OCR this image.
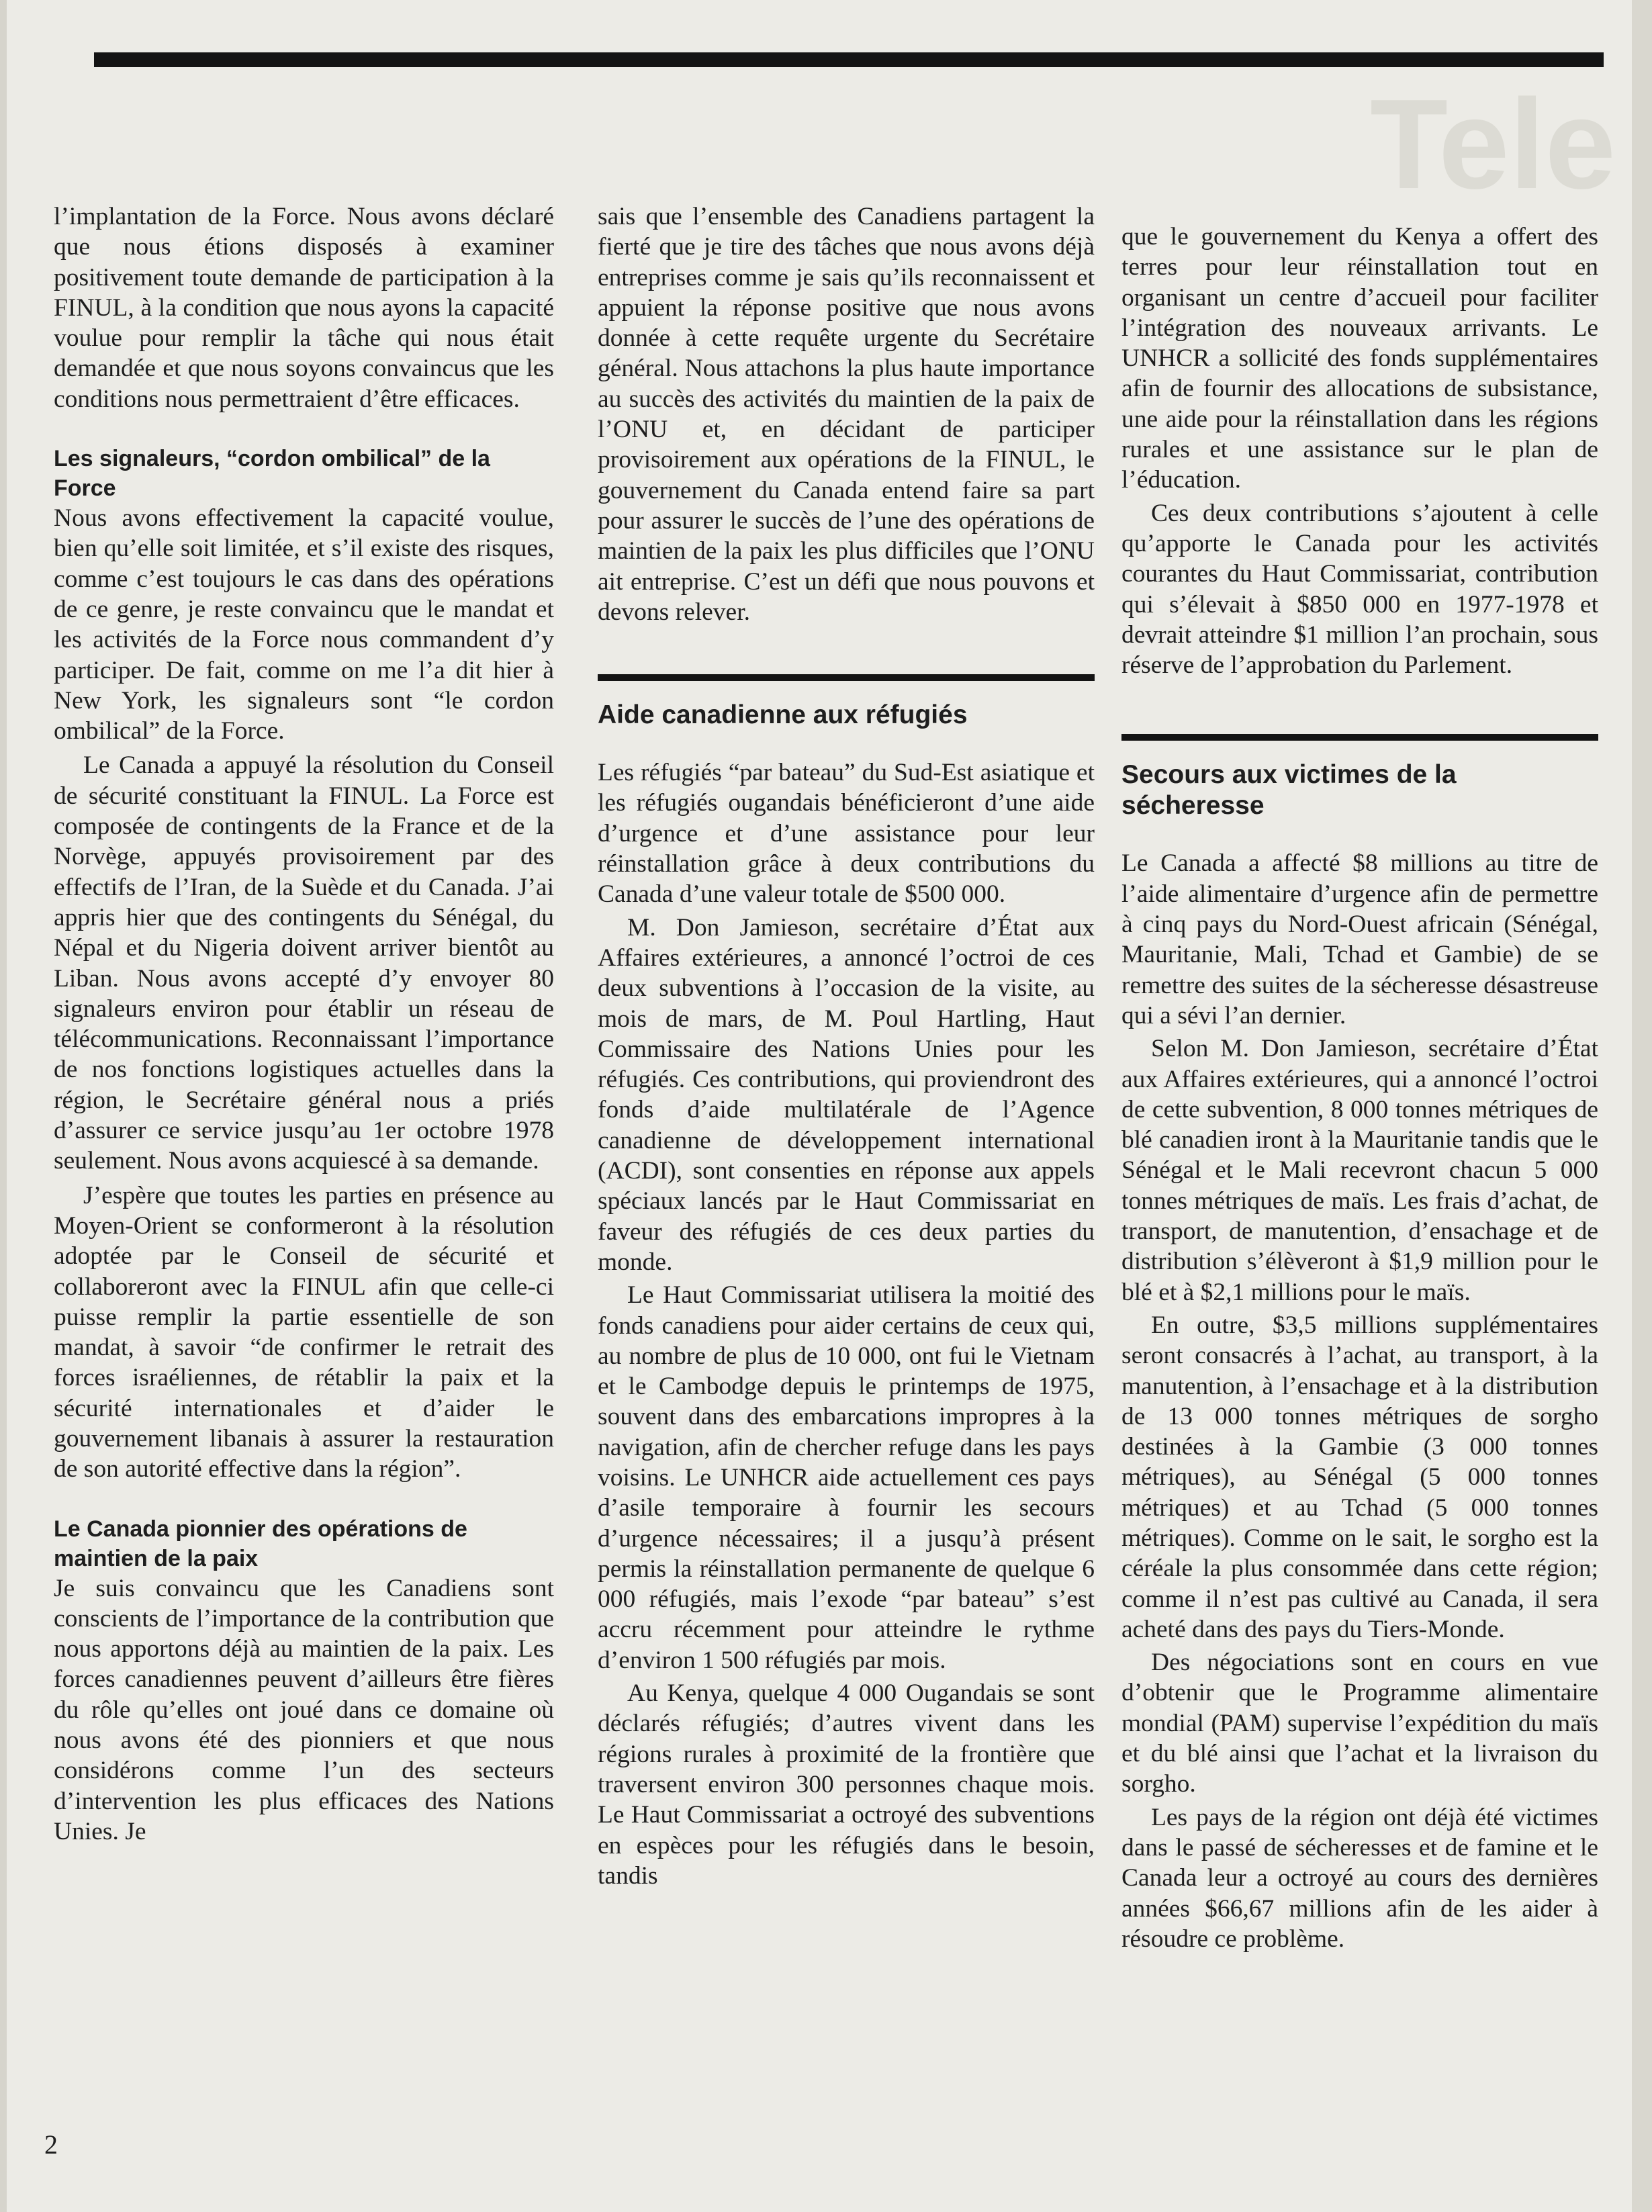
Tele

l’implantation de la Force. Nous avons déclaré que nous étions disposés à examiner positivement toute demande de participation à la FINUL, à la condition que nous ayons la capacité voulue pour remplir la tâche qui nous était demandée et que nous soyons convaincus que les conditions nous permettraient d’être efficaces.

Les signaleurs, “cordon ombilical” de la Force

Nous avons effectivement la capacité voulue, bien qu’elle soit limitée, et s’il existe des risques, comme c’est toujours le cas dans des opérations de ce genre, je reste convaincu que le mandat et les activités de la Force nous commandent d’y participer. De fait, comme on me l’a dit hier à New York, les signaleurs sont “le cordon ombilical” de la Force.

Le Canada a appuyé la résolution du Conseil de sécurité constituant la FINUL. La Force est composée de contingents de la France et de la Norvège, appuyés provisoirement par des effectifs de l’Iran, de la Suède et du Canada. J’ai appris hier que des contingents du Sénégal, du Népal et du Nigeria doivent arriver bientôt au Liban. Nous avons accepté d’y envoyer 80 signaleurs environ pour établir un réseau de télécommunications. Reconnaissant l’importance de nos fonctions logistiques actuelles dans la région, le Secrétaire général nous a priés d’assurer ce service jusqu’au 1er octobre 1978 seulement. Nous avons acquiescé à sa demande.

J’espère que toutes les parties en présence au Moyen-Orient se conformeront à la résolution adoptée par le Conseil de sécurité et collaboreront avec la FINUL afin que celle-ci puisse remplir la partie essentielle de son mandat, à savoir “de confirmer le retrait des forces israéliennes, de rétablir la paix et la sécurité internationales et d’aider le gouvernement libanais à assurer la restauration de son autorité effective dans la région”.

Le Canada pionnier des opérations de maintien de la paix

Je suis convaincu que les Canadiens sont conscients de l’importance de la contribution que nous apportons déjà au maintien de la paix. Les forces canadiennes peuvent d’ailleurs être fières du rôle qu’elles ont joué dans ce domaine où nous avons été des pionniers et que nous considérons comme l’un des secteurs d’intervention les plus efficaces des Nations Unies. Je

sais que l’ensemble des Canadiens partagent la fierté que je tire des tâches que nous avons déjà entreprises comme je sais qu’ils reconnaissent et appuient la réponse positive que nous avons donnée à cette requête urgente du Secrétaire général. Nous attachons la plus haute importance au succès des activités du maintien de la paix de l’ONU et, en décidant de participer provisoirement aux opérations de la FINUL, le gouvernement du Canada entend faire sa part pour assurer le succès de l’une des opérations de maintien de la paix les plus difficiles que l’ONU ait entreprise. C’est un défi que nous pouvons et devons relever.

Aide canadienne aux réfugiés

Les réfugiés “par bateau” du Sud-Est asiatique et les réfugiés ougandais bénéficieront d’une aide d’urgence et d’une assistance pour leur réinstallation grâce à deux contributions du Canada d’une valeur totale de $500 000.

M. Don Jamieson, secrétaire d’État aux Affaires extérieures, a annoncé l’octroi de ces deux subventions à l’occasion de la visite, au mois de mars, de M. Poul Hartling, Haut Commissaire des Nations Unies pour les réfugiés. Ces contributions, qui proviendront des fonds d’aide multilatérale de l’Agence canadienne de développement international (ACDI), sont consenties en réponse aux appels spéciaux lancés par le Haut Commissariat en faveur des réfugiés de ces deux parties du monde.

Le Haut Commissariat utilisera la moitié des fonds canadiens pour aider certains de ceux qui, au nombre de plus de 10 000, ont fui le Vietnam et le Cambodge depuis le printemps de 1975, souvent dans des embarcations impropres à la navigation, afin de chercher refuge dans les pays voisins. Le UNHCR aide actuellement ces pays d’asile temporaire à fournir les secours d’urgence nécessaires; il a jusqu’à présent permis la réinstallation permanente de quelque 6 000 réfugiés, mais l’exode “par bateau” s’est accru récemment pour atteindre le rythme d’environ 1 500 réfugiés par mois.

Au Kenya, quelque 4 000 Ougandais se sont déclarés réfugiés; d’autres vivent dans les régions rurales à proximité de la frontière que traversent environ 300 personnes chaque mois. Le Haut Commissariat a octroyé des subventions en espèces pour les réfugiés dans le besoin, tandis

que le gouvernement du Kenya a offert des terres pour leur réinstallation tout en organisant un centre d’accueil pour faciliter l’intégration des nouveaux arrivants. Le UNHCR a sollicité des fonds supplémentaires afin de fournir des allocations de subsistance, une aide pour la réinstallation dans les régions rurales et une assistance sur le plan de l’éducation.

Ces deux contributions s’ajoutent à celle qu’apporte le Canada pour les activités courantes du Haut Commissariat, contribution qui s’élevait à $850 000 en 1977-1978 et devrait atteindre $1 million l’an prochain, sous réserve de l’approbation du Parlement.

Secours aux victimes de la sécheresse

Le Canada a affecté $8 millions au titre de l’aide alimentaire d’urgence afin de permettre à cinq pays du Nord-Ouest africain (Sénégal, Mauritanie, Mali, Tchad et Gambie) de se remettre des suites de la sécheresse désastreuse qui a sévi l’an dernier.

Selon M. Don Jamieson, secrétaire d’État aux Affaires extérieures, qui a annoncé l’octroi de cette subvention, 8 000 tonnes métriques de blé canadien iront à la Mauritanie tandis que le Sénégal et le Mali recevront chacun 5 000 tonnes métriques de maïs. Les frais d’achat, de transport, de manutention, d’ensachage et de distribution s’élèveront à $1,9 million pour le blé et à $2,1 millions pour le maïs.

En outre, $3,5 millions supplémentaires seront consacrés à l’achat, au transport, à la manutention, à l’ensachage et à la distribution de 13 000 tonnes métriques de sorgho destinées à la Gambie (3 000 tonnes métriques), au Sénégal (5 000 tonnes métriques) et au Tchad (5 000 tonnes métriques). Comme on le sait, le sorgho est la céréale la plus consommée dans cette région; comme il n’est pas cultivé au Canada, il sera acheté dans des pays du Tiers-Monde.

Des négociations sont en cours en vue d’obtenir que le Programme alimentaire mondial (PAM) supervise l’expédition du maïs et du blé ainsi que l’achat et la livraison du sorgho.

Les pays de la région ont déjà été victimes dans le passé de sécheresses et de famine et le Canada leur a octroyé au cours des dernières années $66,67 millions afin de les aider à résoudre ce problème.

2
